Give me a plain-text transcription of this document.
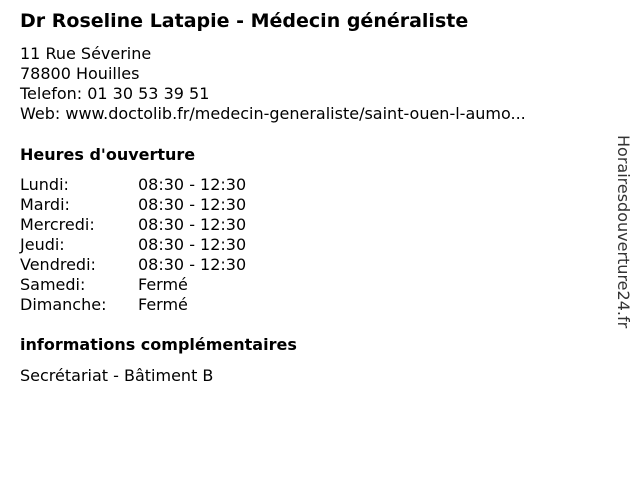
Dr Roseline Latapie - Médecin généraliste
11 Rue Séverine
78800 Houilles
Telefon: 01 30 53 39 51
Web: www.doctolib.fr/medecin-generaliste/saint-ouen-l-aumo...
Heures d'ouverture
Lundi:	08:30 - 12:30
Mardi:	08:30 - 12:30
Mercredi:	08:30 - 12:30
Jeudi:	08:30 - 12:30
Vendredi:	08:30 - 12:30
Samedi:	Fermé
Dimanche: Fermé
informations complémentaires
Secrétariat - Bâtiment B
Horairesdouverture24.fr
